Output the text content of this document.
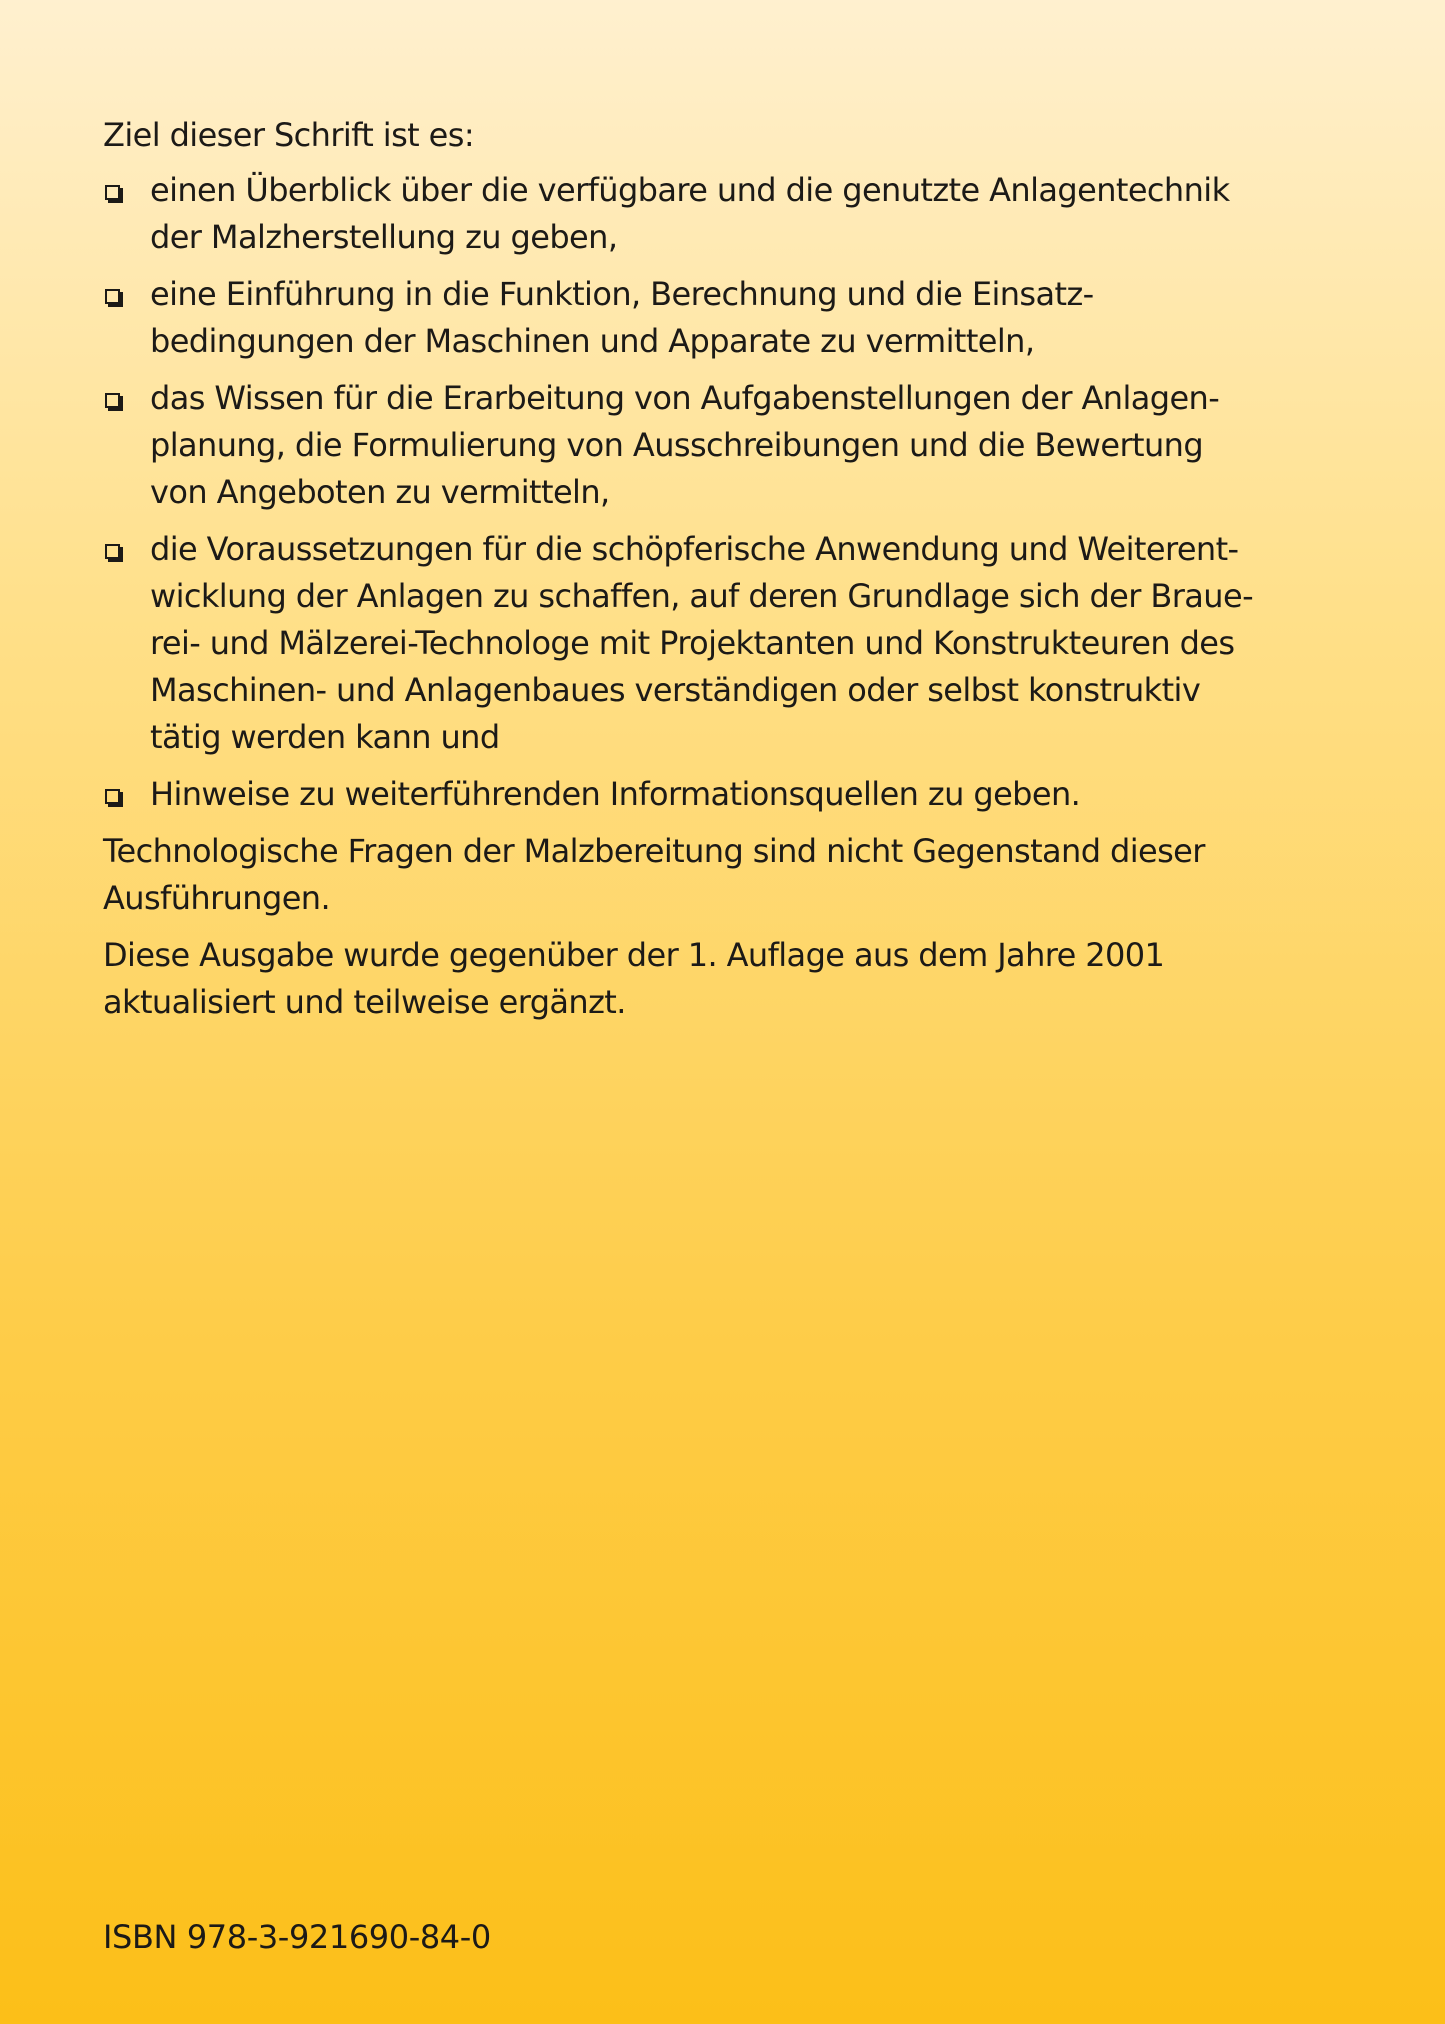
Ziel dieser Schrift ist es:

einen Überblick über die verfügbare und die genutzte Anlagentechnik
der Malzherstellung zu geben,
eine Einführung in die Funktion, Berechnung und die Einsatz-
bedingungen der Maschinen und Apparate zu vermitteln,
das Wissen für die Erarbeitung von Aufgabenstellungen der Anlagen-
planung, die Formulierung von Ausschreibungen und die Bewertung
von Angeboten zu vermitteln,
die Voraussetzungen für die schöpferische Anwendung und Weiterent-
wicklung der Anlagen zu schaffen, auf deren Grundlage sich der Braue-
rei- und Mälzerei-Technologe mit Projektanten und Konstrukteuren des
Maschinen- und Anlagenbaues verständigen oder selbst konstruktiv
tätig werden kann und
Hinweise zu weiterführenden Informationsquellen zu geben.

Technologische Fragen der Malzbereitung sind nicht Gegenstand dieser
Ausführungen.

Diese Ausgabe wurde gegenüber der 1. Auflage aus dem Jahre 2001
aktualisiert und teilweise ergänzt.

ISBN 978-3-921690-84-0
